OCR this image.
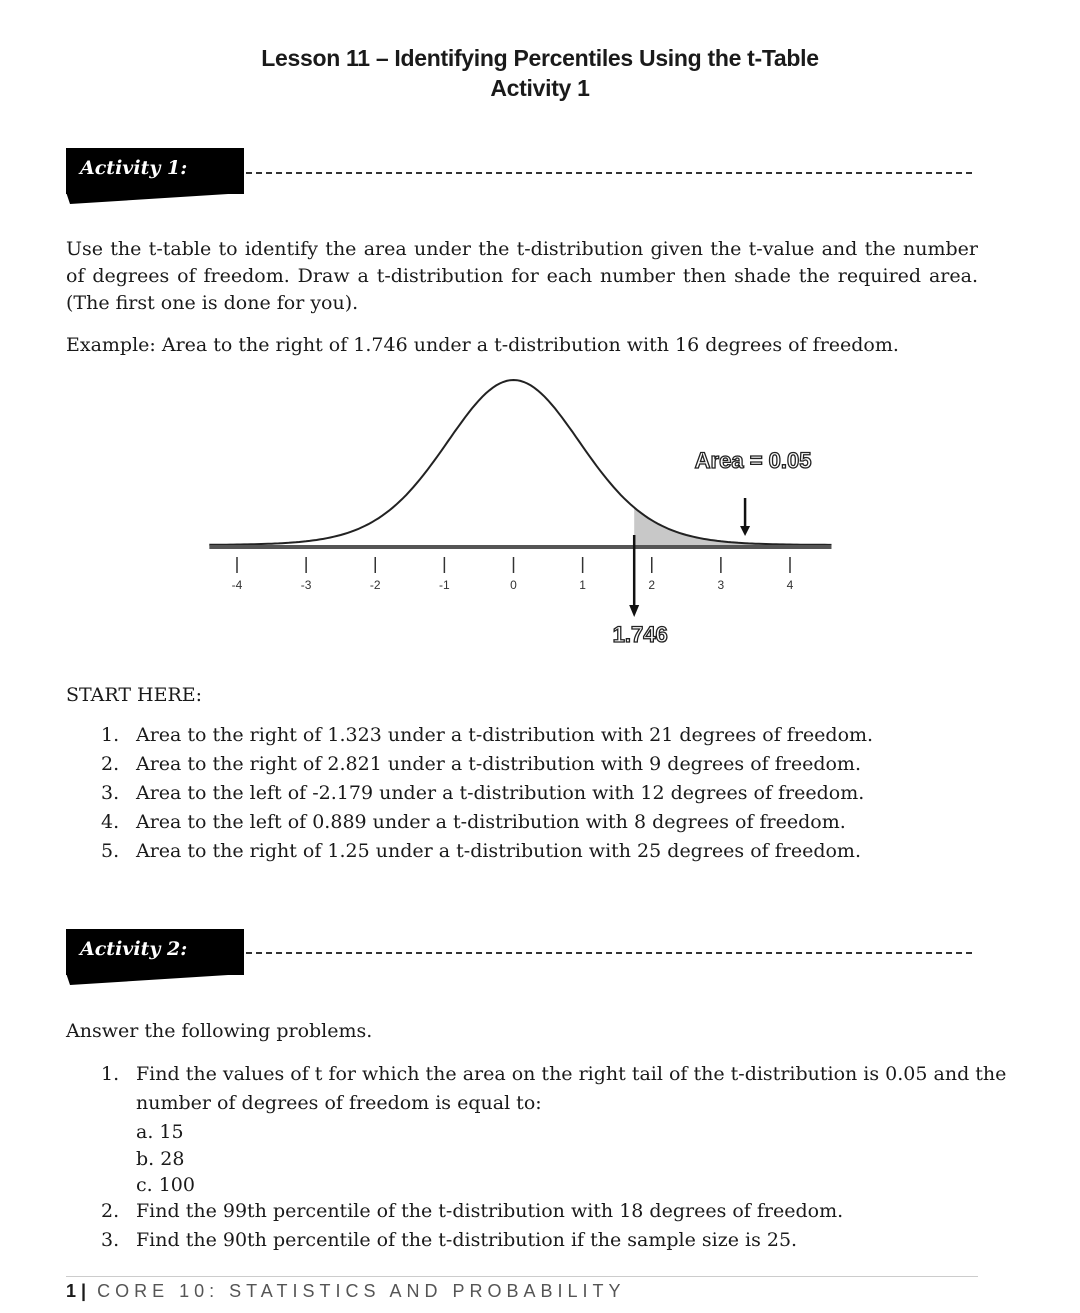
Lesson 11 – Identifying Percentiles Using the t-Table
Activity 1
Activity 1:
Use the t-table to identify the area under the t-distribution given the t-value and the number of degrees of freedom. Draw a t-distribution for each number then shade the required area. (The first one is done for you).
Example: Area to the right of 1.746 under a t-distribution with 16 degrees of freedom.
-4	-3	-2	-1	0	1	2	3	4
1.746
Area = 0.05
START HERE:
1. Area to the right of 1.323 under a t-distribution with 21 degrees of freedom.
2. Area to the right of 2.821 under a t-distribution with 9 degrees of freedom.
3. Area to the left of -2.179 under a t-distribution with 12 degrees of freedom.
4. Area to the left of 0.889 under a t-distribution with 8 degrees of freedom.
5. Area to the right of 1.25 under a t-distribution with 25 degrees of freedom.
Activity 2:
Answer the following problems.
1. Find the values of t for which the area on the right tail of the t-distribution is 0.05 and the
number of degrees of freedom is equal to:
a. 15
b. 28
c. 100
2. Find the 99th percentile of the t-distribution with 18 degrees of freedom.
3. Find the 90th percentile of the t-distribution if the sample size is 25.
1 | CORE 10: STATISTICS AND PROBABILITY
